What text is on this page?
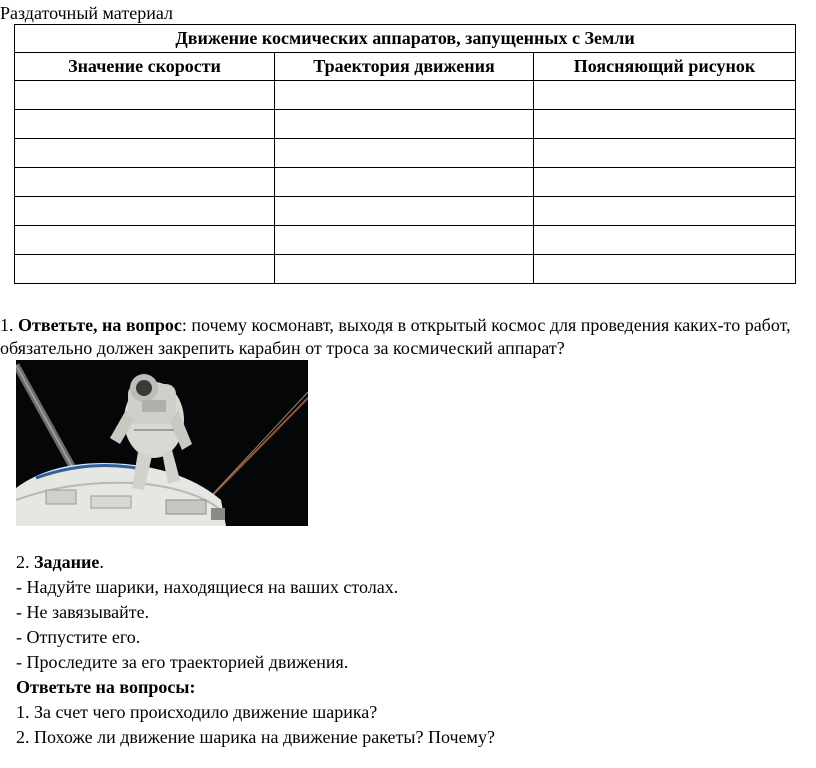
Раздаточный материал
Движение космических аппаратов, запущенных с Земли		
Значение скорости	Траектория движения	Поясняющий рисунок

1. Ответьте, на вопрос: почему космонавт, выходя в открытый космос для проведения каких-то работ, обязательно должен закрепить карабин от троса за космический аппарат?
2. Задание.
- Надуйте шарики, находящиеся на ваших столах.
- Не завязывайте.
- Отпустите его.
- Проследите за его траекторией движения.
Ответьте на вопросы:
1. За счет чего происходило движение шарика?
2. Похоже ли движение шарика на движение ракеты? Почему?
